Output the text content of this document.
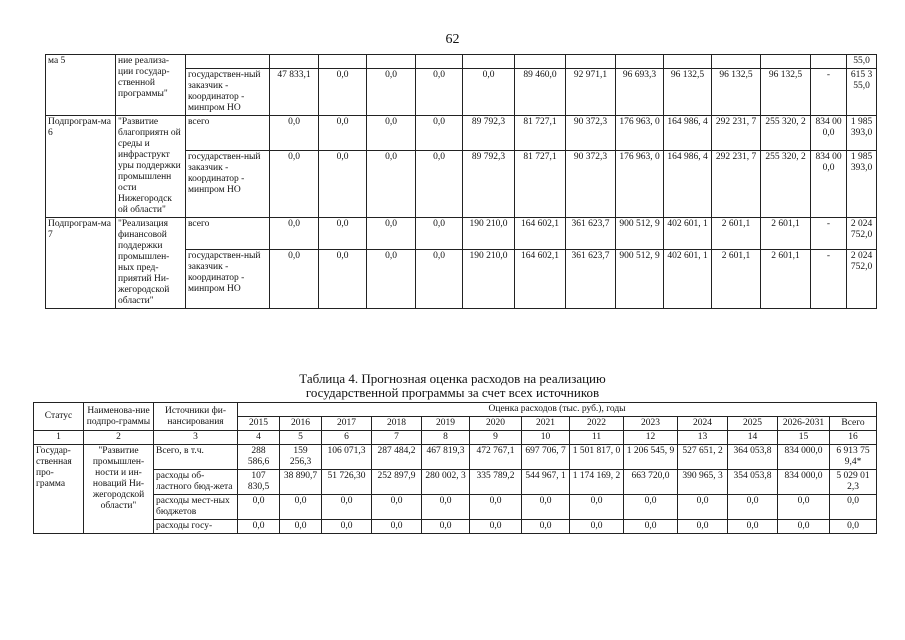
62
ма 5	ние реализа-ции государ-ственной программы"														55,0
		государствен-ный заказчик - координатор - минпром НО	47 833,1	0,0	0,0	0,0	0,0	89 460,0	92 971,1	96 693,3	96 132,5	96 132,5	96 132,5	-	615 3 55,0
Подпрограм-ма 6	"Развитие благоприятн ой среды и инфраструкт уры поддержки промышленн ости Нижегородск ой области"	всего	0,0	0,0	0,0	0,0	89 792,3	81 727,1	90 372,3	176 963, 0	164 986, 4	292 231, 7	255 320, 2	834 00 0,0	1 985 393,0
		государствен-ный заказчик - координатор - минпром НО	0,0	0,0	0,0	0,0	89 792,3	81 727,1	90 372,3	176 963, 0	164 986, 4	292 231, 7	255 320, 2	834 00 0,0	1 985 393,0
Подпрограм-ма 7	"Реализация финансовой поддержки промышлен-ных пред-приятий Ни-жегородской области"	всего	0,0	0,0	0,0	0,0	190 210,0	164 602,1	361 623,7	900 512, 9	402 601, 1	2 601,1	2 601,1	-	2 024 752,0
		государствен-ный заказчик - координатор - минпром НО	0,0	0,0	0,0	0,0	190 210,0	164 602,1	361 623,7	900 512, 9	402 601, 1	2 601,1	2 601,1	-	2 024 752,0
Таблица 4. Прогнозная оценка расходов на реализацию
государственной программы за счет всех источников
Статус	Наименова-ние подпро-граммы	Источники фи-нансирования	Оценка расходов (тыс. руб.), годы												
			2015	2016	2017	2018	2019	2020	2021	2022	2023	2024	2025	2026-2031	Всего
1	2	3	4	5	6	7	8	9	10	11	12	13	14	15	16
Государ-ственная про-грамма	"Развитие промышлен-ности и ин-новаций Ни-жегородской области"	Всего, в т.ч.	288 586,6	159 256,3	106 071,3	287 484,2	467 819,3	472 767,1	697 706, 7	1 501 817, 0	1 206 545, 9	527 651, 2	364 053,8	834 000,0	6 913 75 9,4*
		расходы об-ластного бюд-жета	107 830,5	38 890,7	51 726,30	252 897,9	280 002, 3	335 789,2	544 967, 1	1 174 169, 2	663 720,0	390 965, 3	354 053,8	834 000,0	5 029 01 2,3
		расходы мест-ных бюджетов	0,0	0,0	0,0	0,0	0,0	0,0	0,0	0,0	0,0	0,0	0,0	0,0	0,0
		расходы госу-	0,0	0,0	0,0	0,0	0,0	0,0	0,0	0,0	0,0	0,0	0,0	0,0	0,0
